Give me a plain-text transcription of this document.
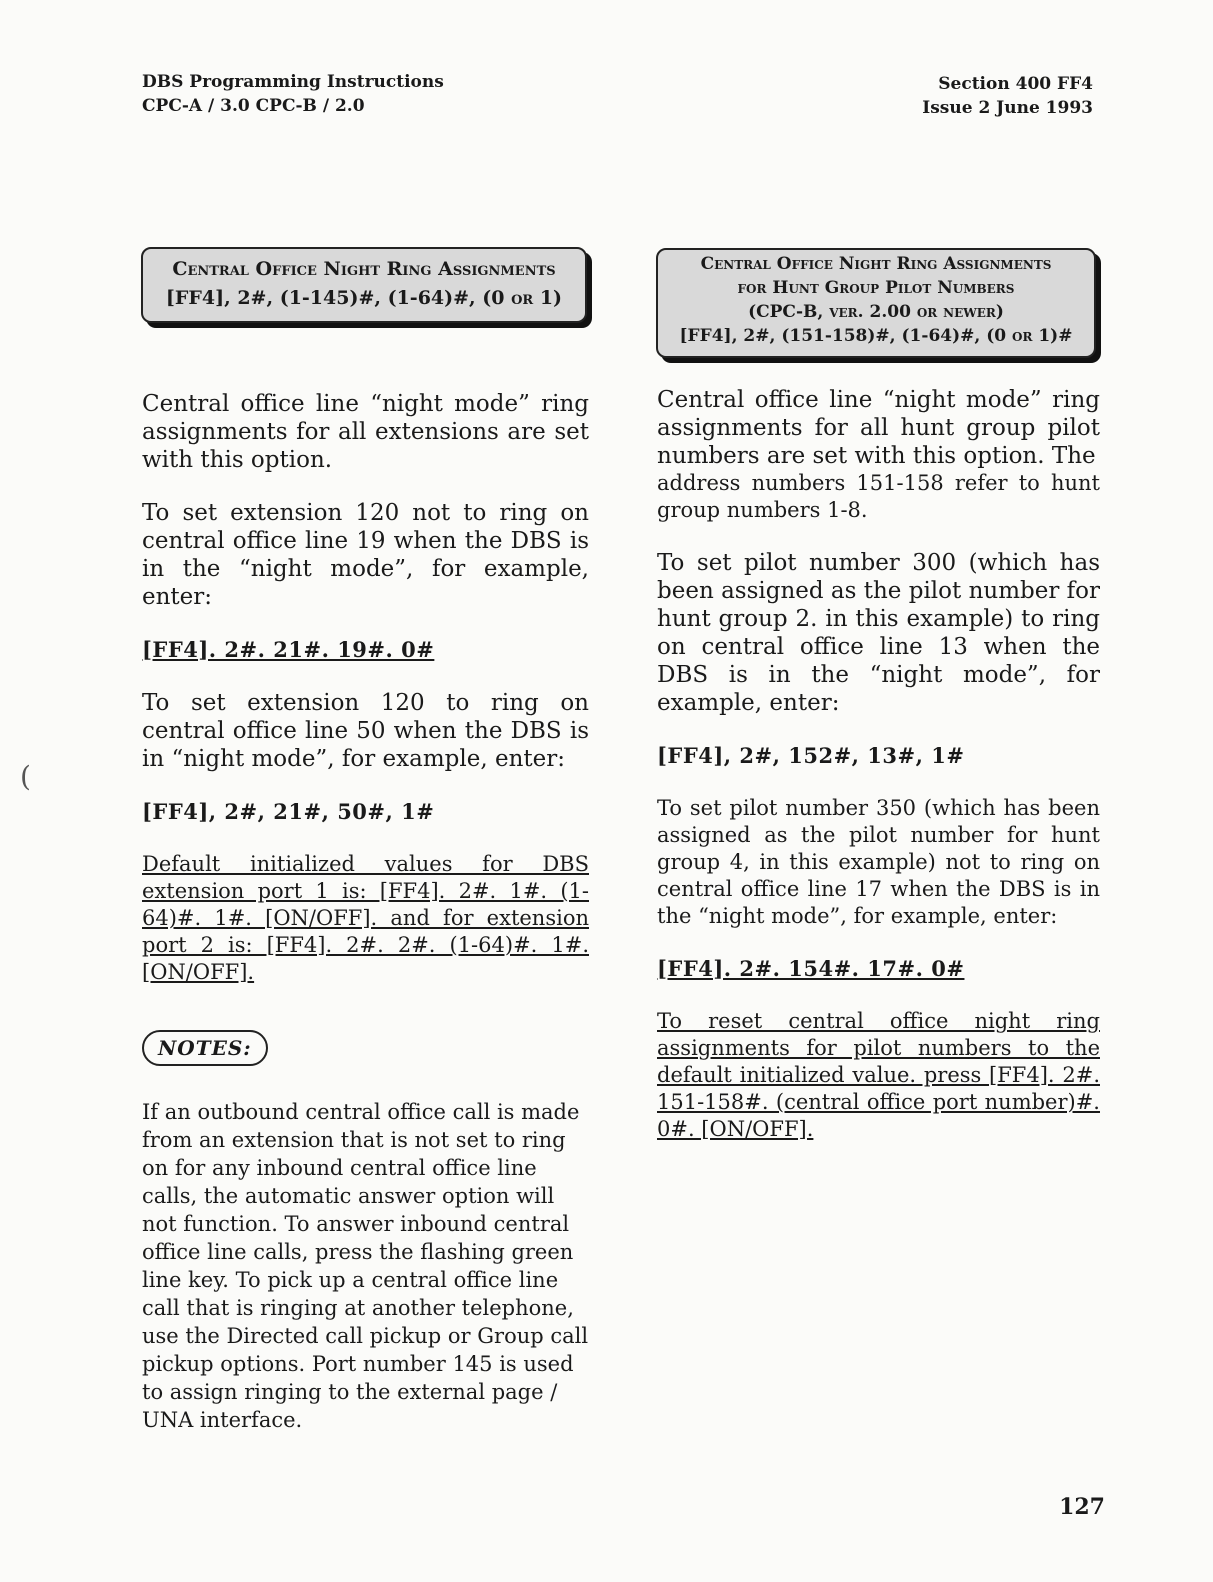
DBS Programming Instructions
CPC-A / 3.0 CPC-B / 2.0
Section 400 FF4
Issue 2 June 1993
Central Office Night Ring Assignments
[FF4], 2#, (1-145)#, (1-64)#, (0 or 1)
Central Office Night Ring Assignments
for Hunt Group Pilot Numbers
(CPC-B, ver. 2.00 or newer)
[FF4], 2#, (151-158)#, (1-64)#, (0 or 1)#

Central office line “night mode” ring assignments for all extensions are set with this option.

To set extension 120 not to ring on central office line 19 when the DBS is in the “night mode”, for example, enter:

[FF4]. 2#. 21#. 19#. 0#

To set extension 120 to ring on central office line 50 when the DBS is in “night mode”, for example, enter:

[FF4], 2#, 21#, 50#, 1#

Default initialized values for DBS extension port 1 is: [FF4]. 2#. 1#. (1-64)#. 1#. [ON/OFF]. and for extension port 2 is: [FF4]. 2#. 2#. (1-64)#. 1#. [ON/OFF].

NOTES:

If an outbound central office call is made from an extension that is not set to ring on for any inbound central office line calls, the automatic answer option will not function. To answer inbound central office line calls, press the flashing green line key. To pick up a central office line call that is ringing at another telephone, use the Directed call pickup or Group call pickup options. Port number 145 is used to assign ringing to the external page / UNA interface.

Central office line “night mode” ring assignments for all hunt group pilot numbers are set with this option. The

address numbers 151-158 refer to hunt group numbers 1-8.

To set pilot number 300 (which has been assigned as the pilot number for hunt group 2. in this example) to ring on central office line 13 when the DBS is in the “night mode”, for example, enter:

[FF4], 2#, 152#, 13#, 1#

To set pilot number 350 (which has been assigned as the pilot number for hunt group 4, in this example) not to ring on central office line 17 when the DBS is in the “night mode”, for example, enter:

[FF4]. 2#. 154#. 17#. 0#

To reset central office night ring assignments for pilot numbers to the default initialized value. press [FF4]. 2#. 151-158#. (central office port number)#. 0#. [ON/OFF].

127
(
